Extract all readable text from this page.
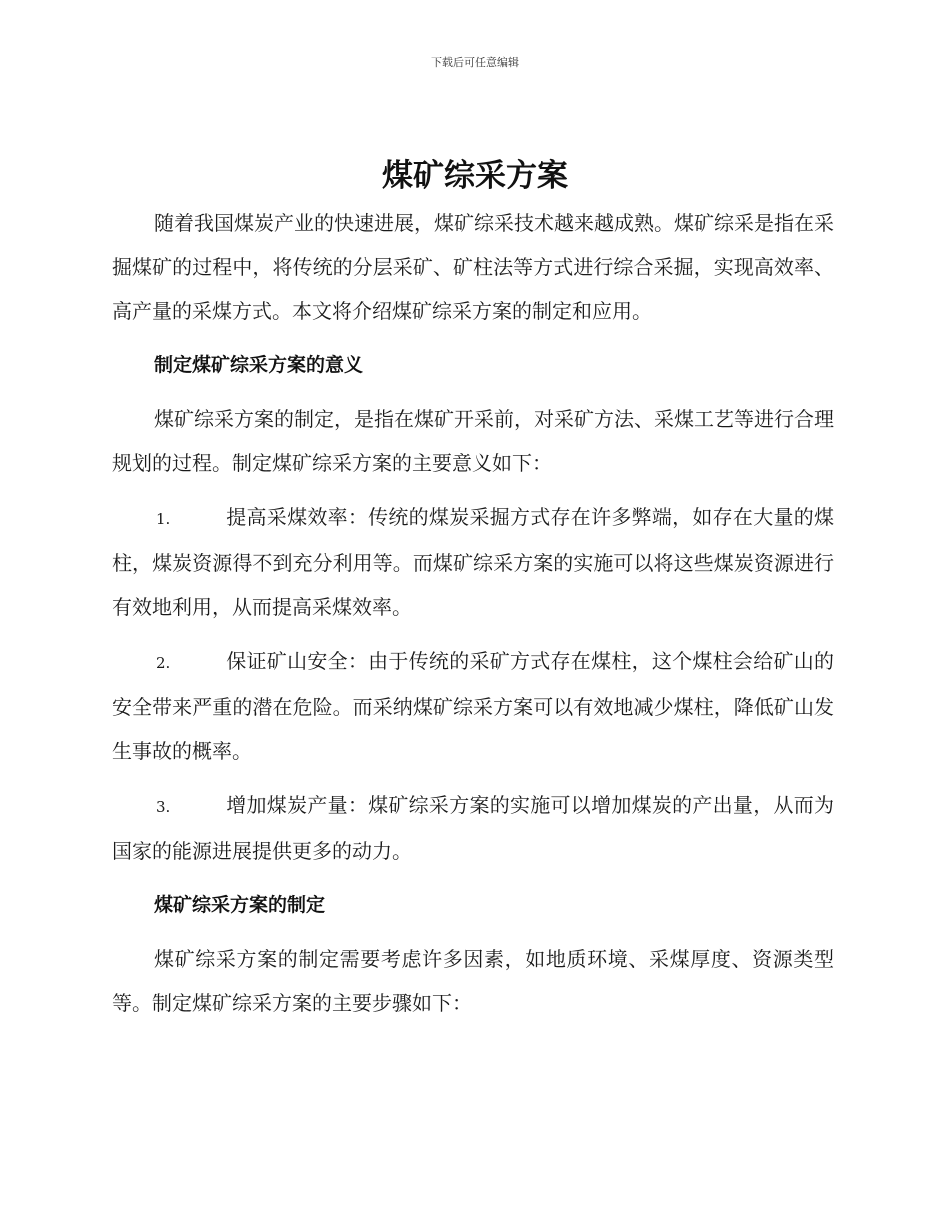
下载后可任意编辑
煤矿综采方案

随着我国煤炭产业的快速进展，煤矿综采技术越来越成熟。煤矿综采是指在采掘煤矿的过程中，将传统的分层采矿、矿柱法等方式进行综合采掘，实现高效率、高产量的采煤方式。本文将介绍煤矿综采方案的制定和应用。

制定煤矿综采方案的意义

煤矿综采方案的制定，是指在煤矿开采前，对采矿方法、采煤工艺等进行合理规划的过程。制定煤矿综采方案的主要意义如下：

1.	提高采煤效率：传统的煤炭采掘方式存在许多弊端，如存在大量的煤柱，煤炭资源得不到充分利用等。而煤矿综采方案的实施可以将这些煤炭资源进行有效地利用，从而提高采煤效率。

2.	保证矿山安全：由于传统的采矿方式存在煤柱，这个煤柱会给矿山的安全带来严重的潜在危险。而采纳煤矿综采方案可以有效地减少煤柱，降低矿山发生事故的概率。

3.	增加煤炭产量：煤矿综采方案的实施可以增加煤炭的产出量，从而为国家的能源进展提供更多的动力。

煤矿综采方案的制定

煤矿综采方案的制定需要考虑许多因素，如地质环境、采煤厚度、资源类型等。制定煤矿综采方案的主要步骤如下：
